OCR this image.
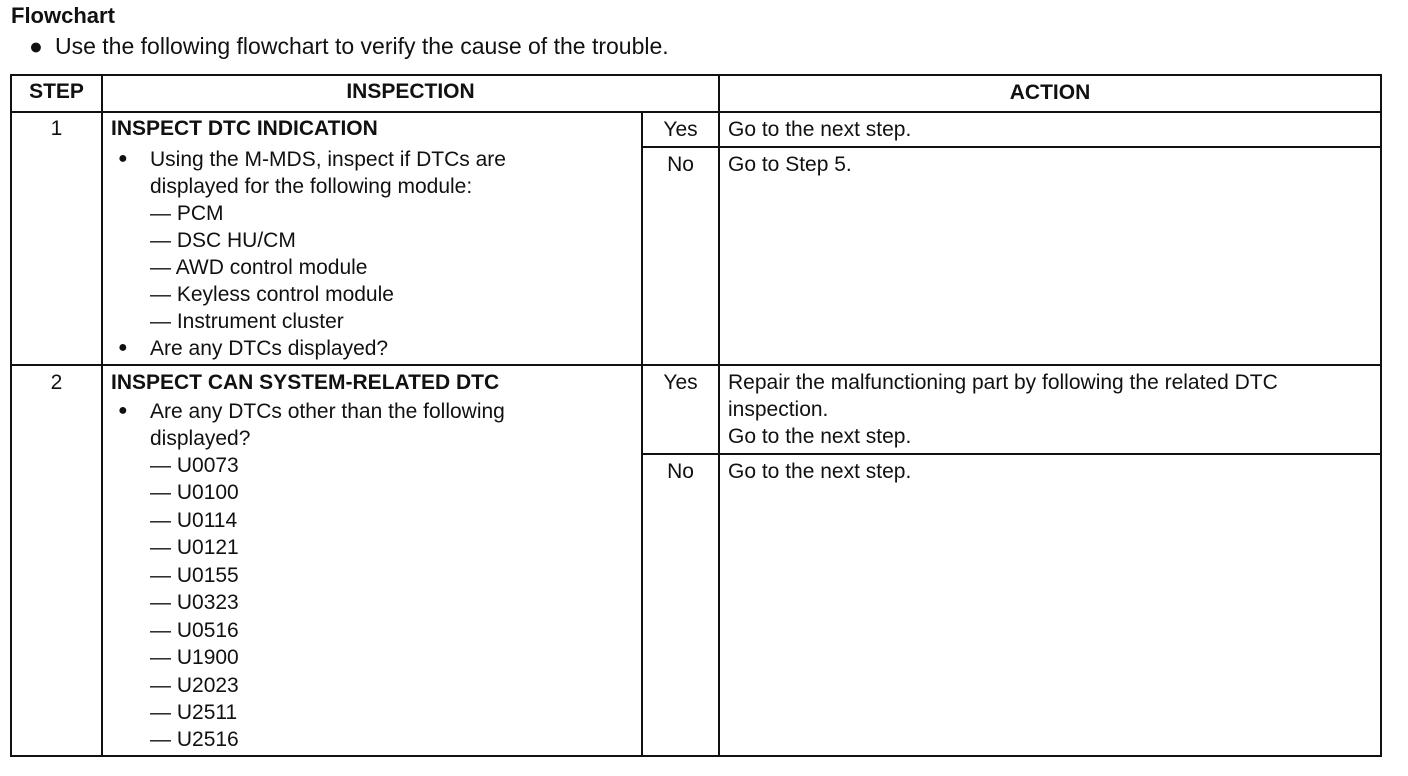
Flowchart
● Use the following flowchart to verify the cause of the trouble.
STEP	INSPECTION	ACTION
1	INSPECT DTC INDICATION
● Using the M-MDS, inspect if DTCs are
displayed for the following module:
— PCM
— DSC HU/CM
— AWD control module
— Keyless control module
— Instrument cluster
● Are any DTCs displayed?
Yes	Go to the next step.
No	Go to Step 5.
2	INSPECT CAN SYSTEM-RELATED DTC
● Are any DTCs other than the following
displayed?
— U0073
— U0100
— U0114
— U0121
— U0155
— U0323
— U0516
— U1900
— U2023
— U2511
— U2516
Yes	Repair the malfunctioning part by following the related DTC
inspection.
Go to the next step.
No	Go to the next step.
